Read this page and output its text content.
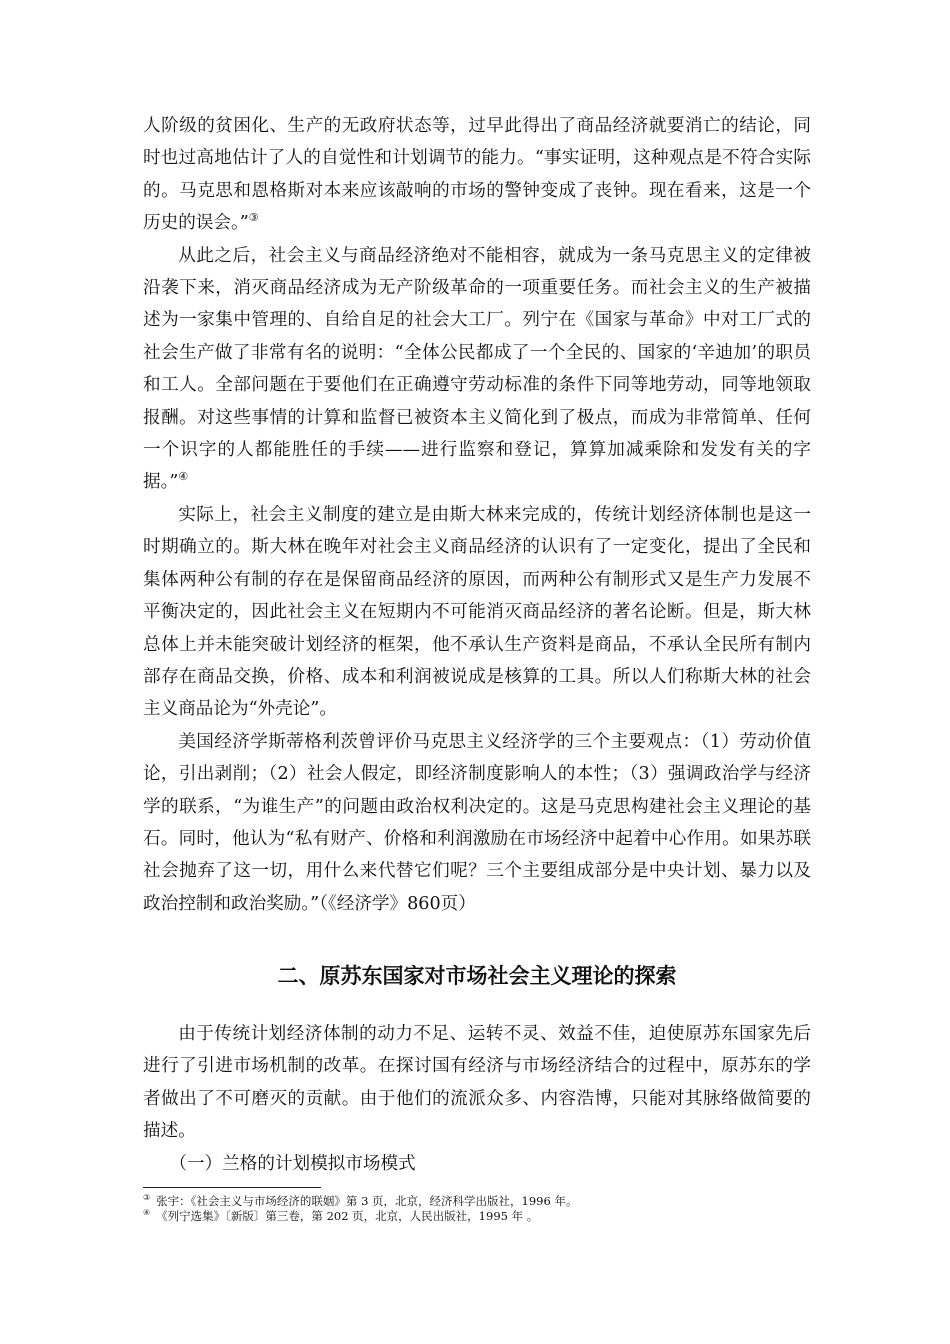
人阶级的贫困化、生产的无政府状态等，过早此得出了商品经济就要消亡的结论，同时也过高地估计了人的自觉性和计划调节的能力。“事实证明，这种观点是不符合实际的。马克思和恩格斯对本来应该敲响的市场的警钟变成了丧钟。现在看来，这是一个历史的误会。”③

从此之后，社会主义与商品经济绝对不能相容，就成为一条马克思主义的定律被沿袭下来，消灭商品经济成为无产阶级革命的一项重要任务。而社会主义的生产被描述为一家集中管理的、自给自足的社会大工厂。列宁在《国家与革命》中对工厂式的社会生产做了非常有名的说明：“全体公民都成了一个全民的、国家的‘辛迪加’的职员和工人。全部问题在于要他们在正确遵守劳动标准的条件下同等地劳动，同等地领取报酬。对这些事情的计算和监督已被资本主义简化到了极点，而成为非常简单、任何一个识字的人都能胜任的手续——进行监察和登记，算算加减乘除和发发有关的字据。”④

实际上，社会主义制度的建立是由斯大林来完成的，传统计划经济体制也是这一时期确立的。斯大林在晚年对社会主义商品经济的认识有了一定变化，提出了全民和集体两种公有制的存在是保留商品经济的原因，而两种公有制形式又是生产力发展不平衡决定的，因此社会主义在短期内不可能消灭商品经济的著名论断。但是，斯大林总体上并未能突破计划经济的框架，他不承认生产资料是商品，不承认全民所有制内部存在商品交换，价格、成本和利润被说成是核算的工具。所以人们称斯大林的社会主义商品论为“外壳论”。

美国经济学斯蒂格利茨曾评价马克思主义经济学的三个主要观点：（1）劳动价值论，引出剥削；（2）社会人假定，即经济制度影响人的本性；（3）强调政治学与经济学的联系，“为谁生产”的问题由政治权利决定的。这是马克思构建社会主义理论的基石。同时，他认为“私有财产、价格和利润激励在市场经济中起着中心作用。如果苏联社会抛弃了这一切，用什么来代替它们呢？三个主要组成部分是中央计划、暴力以及政治控制和政治奖励。”（《经济学》860页）

二、原苏东国家对市场社会主义理论的探索

由于传统计划经济体制的动力不足、运转不灵、效益不佳，迫使原苏东国家先后进行了引进市场机制的改革。在探讨国有经济与市场经济结合的过程中，原苏东的学者做出了不可磨灭的贡献。由于他们的流派众多、内容浩博，只能对其脉络做简要的描述。

（一）兰格的计划模拟市场模式

③ 张宇：《社会主义与市场经济的联姻》第 3 页，北京，经济科学出版社，1996 年。
④ 《列宁选集》〔新版〕第三卷，第 202 页，北京，人民出版社，1995 年 。
